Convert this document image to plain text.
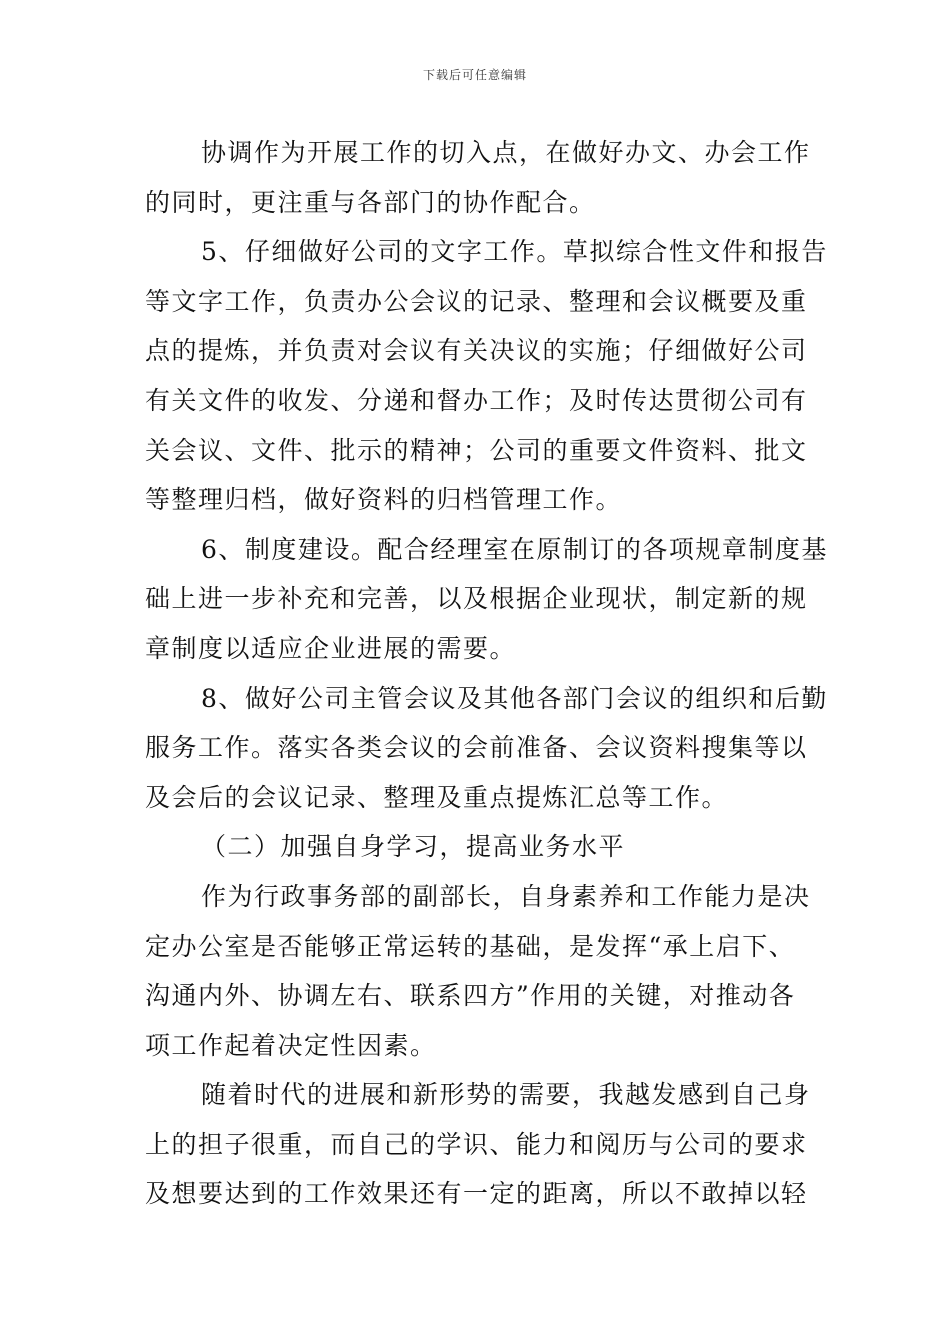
下载后可任意编辑
协调作为开展工作的切入点，在做好办文、办会工作
的同时，更注重与各部门的协作配合。
5、仔细做好公司的文字工作。草拟综合性文件和报告
等文字工作，负责办公会议的记录、整理和会议概要及重
点的提炼，并负责对会议有关决议的实施；仔细做好公司
有关文件的收发、分递和督办工作；及时传达贯彻公司有
关会议、文件、批示的精神；公司的重要文件资料、批文
等整理归档，做好资料的归档管理工作。
6、制度建设。配合经理室在原制订的各项规章制度基
础上进一步补充和完善，以及根据企业现状，制定新的规
章制度以适应企业进展的需要。
8、做好公司主管会议及其他各部门会议的组织和后勤
服务工作。落实各类会议的会前准备、会议资料搜集等以
及会后的会议记录、整理及重点提炼汇总等工作。
（二）加强自身学习，提高业务水平
作为行政事务部的副部长，自身素养和工作能力是决
定办公室是否能够正常运转的基础，是发挥“承上启下、
沟通内外、协调左右、联系四方”作用的关键，对推动各
项工作起着决定性因素。
随着时代的进展和新形势的需要，我越发感到自己身
上的担子很重，而自己的学识、能力和阅历与公司的要求
及想要达到的工作效果还有一定的距离，所以不敢掉以轻
